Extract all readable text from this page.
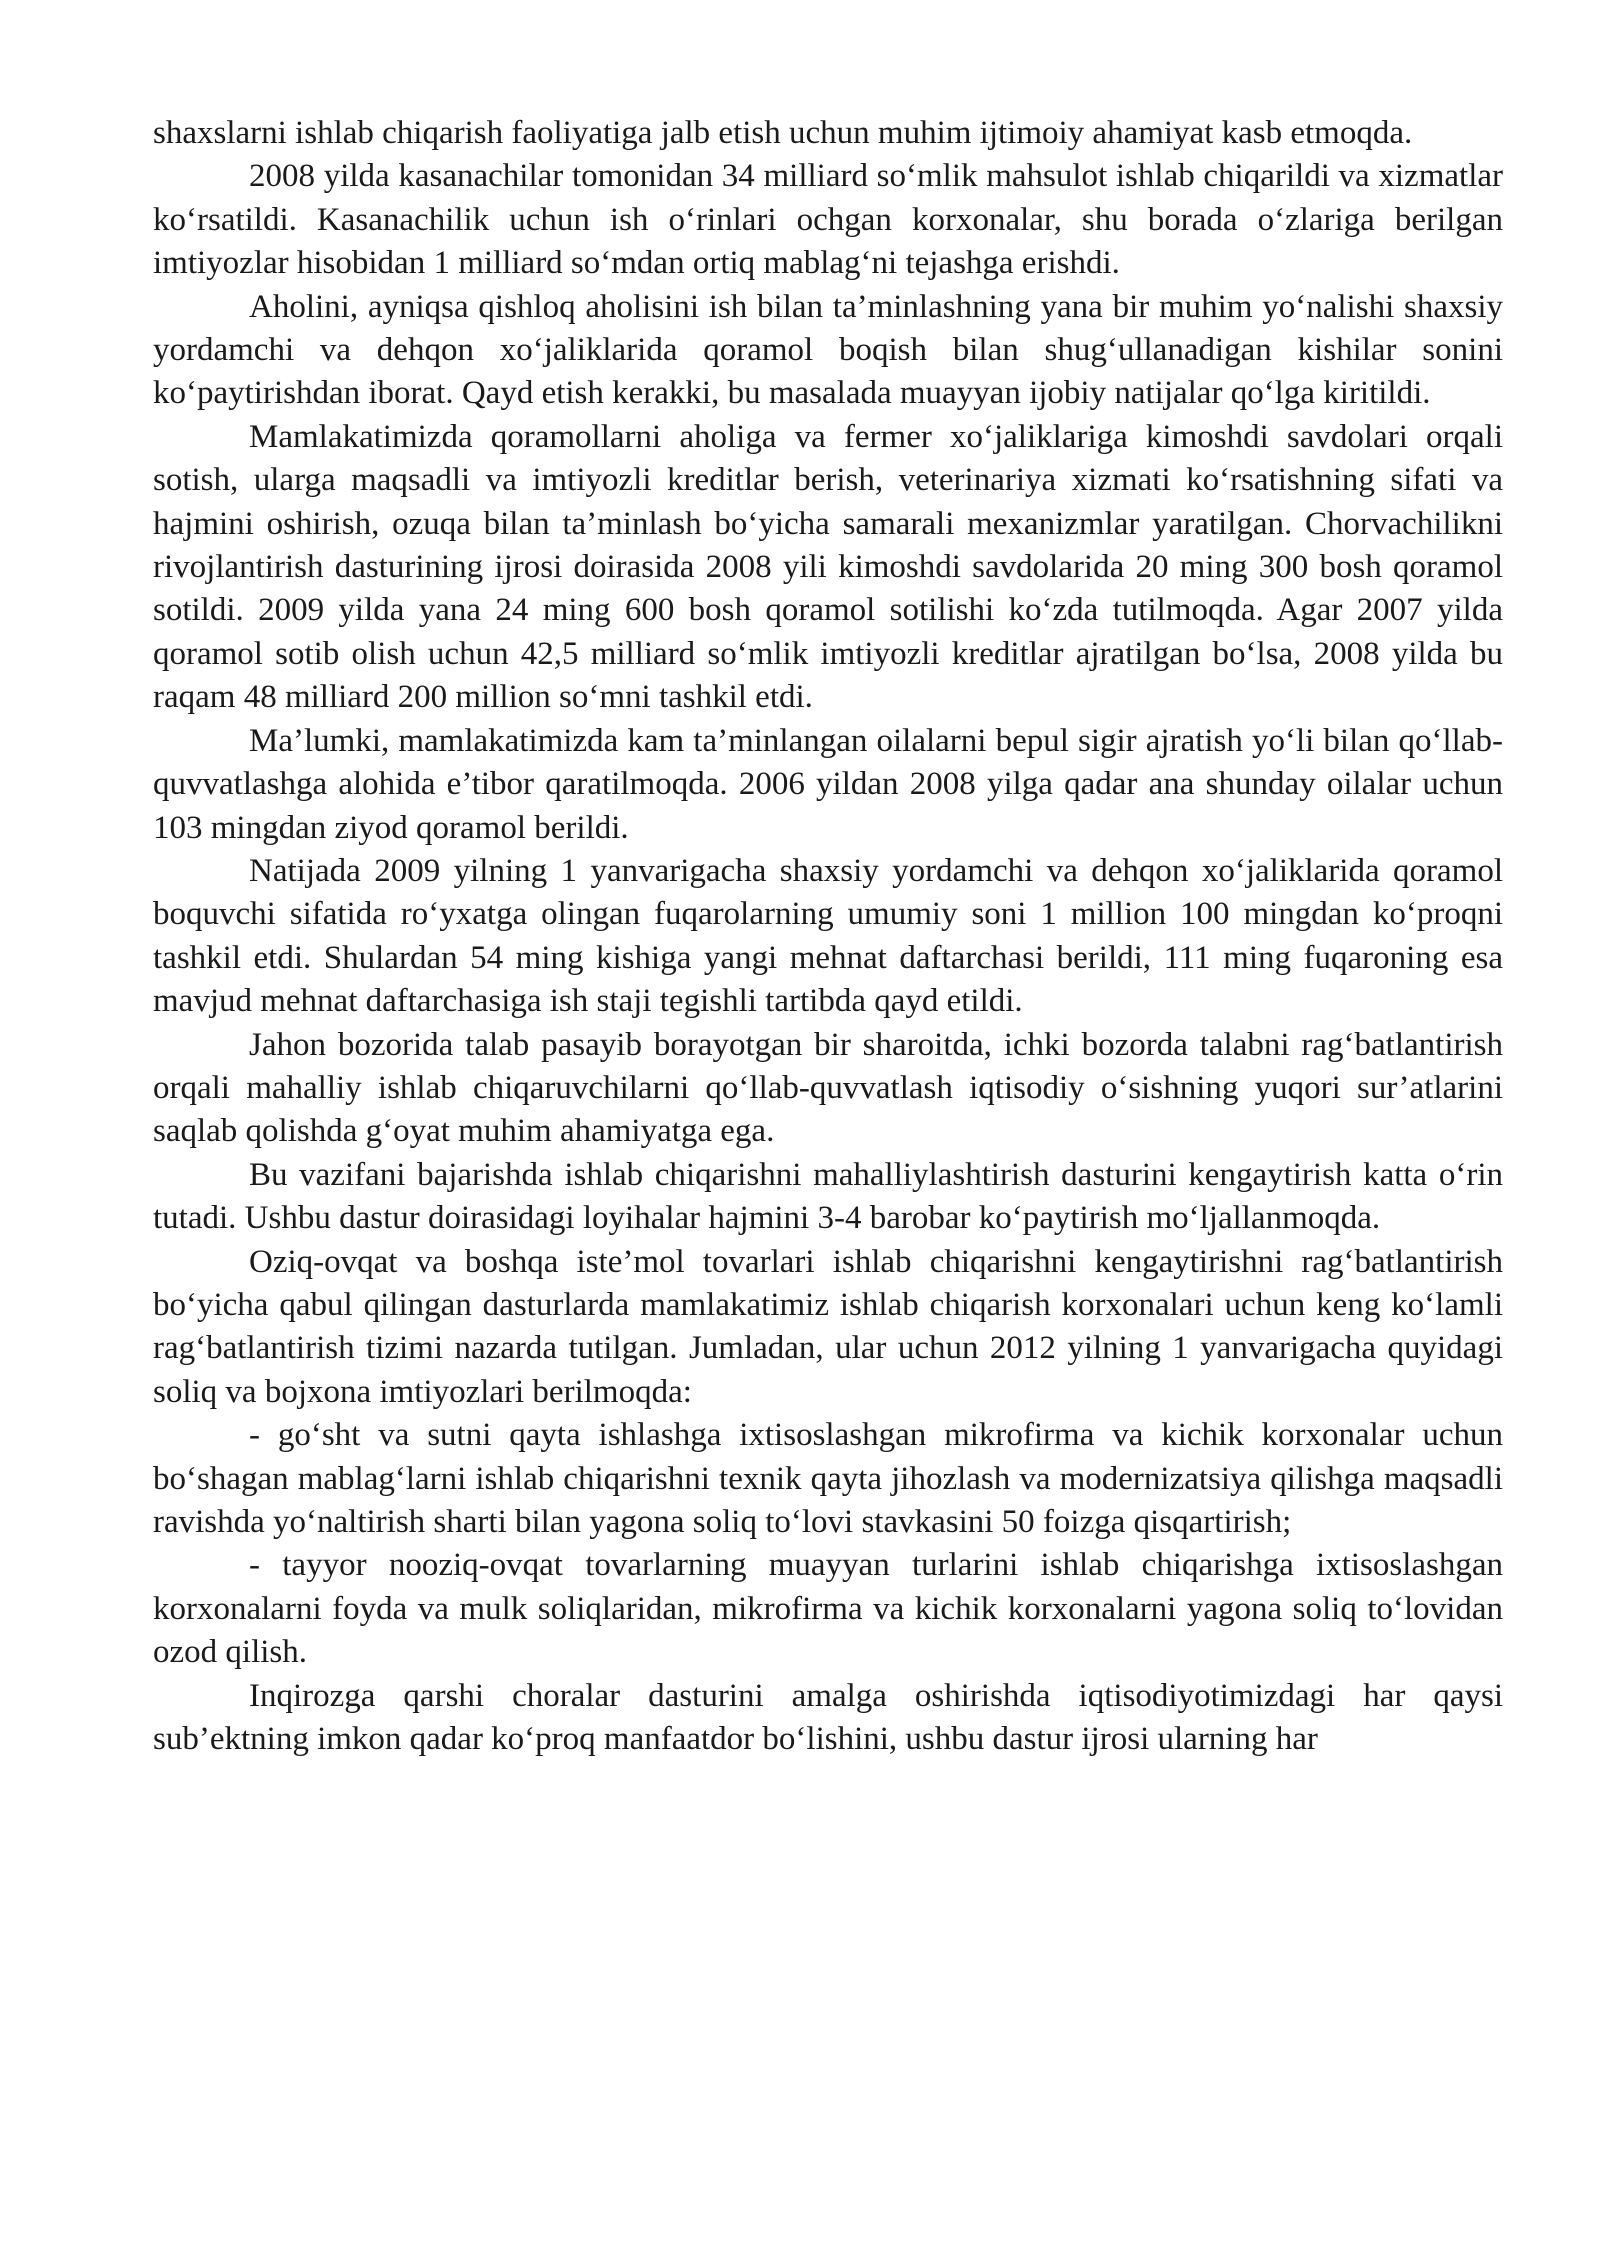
shaxslarni ishlab chiqarish faoliyatiga jalb etish uchun muhim ijtimoiy ahamiyat kasb etmoqda.

2008 yilda kasanachilar tomonidan 34 milliard so‘mlik mahsulot ishlab chiqarildi va xizmatlar ko‘rsatildi. Kasanachilik uchun ish o‘rinlari ochgan korxonalar, shu borada o‘zlariga berilgan imtiyozlar hisobidan 1 milliard so‘mdan ortiq mablag‘ni tejashga erishdi.

Aholini, ayniqsa qishloq aholisini ish bilan ta’minlashning yana bir muhim yo‘nalishi shaxsiy yordamchi va dehqon xo‘jaliklarida qoramol boqish bilan shug‘ullanadigan kishilar sonini ko‘paytirishdan iborat. Qayd etish kerakki, bu masalada muayyan ijobiy natijalar qo‘lga kiritildi.

Mamlakatimizda qoramollarni aholiga va fermer xo‘jaliklariga kimoshdi savdolari orqali sotish, ularga maqsadli va imtiyozli kreditlar berish, veterinariya xizmati ko‘rsatishning sifati va hajmini oshirish, ozuqa bilan ta’minlash bo‘yicha samarali mexanizmlar yaratilgan. Chorvachilikni rivojlantirish dasturining ijrosi doirasida 2008 yili kimoshdi savdolarida 20 ming 300 bosh qoramol sotildi. 2009 yilda yana 24 ming 600 bosh qoramol sotilishi ko‘zda tutilmoqda. Agar 2007 yilda qoramol sotib olish uchun 42,5 milliard so‘mlik imtiyozli kreditlar ajratilgan bo‘lsa, 2008 yilda bu raqam 48 milliard 200 million so‘mni tashkil etdi.

Ma’lumki, mamlakatimizda kam ta’minlangan oilalarni bepul sigir ajratish yo‘li bilan qo‘llab-quvvatlashga alohida e’tibor qaratilmoqda. 2006 yildan 2008 yilga qadar ana shunday oilalar uchun 103 mingdan ziyod qoramol berildi.

Natijada 2009 yilning 1 yanvarigacha shaxsiy yordamchi va dehqon xo‘jaliklarida qoramol boquvchi sifatida ro‘yxatga olingan fuqarolarning umumiy soni 1 million 100 mingdan ko‘proqni tashkil etdi. Shulardan 54 ming kishiga yangi mehnat daftarchasi berildi, 111 ming fuqaroning esa mavjud mehnat daftarchasiga ish staji tegishli tartibda qayd etildi.

Jahon bozorida talab pasayib borayotgan bir sharoitda, ichki bozorda talabni rag‘batlantirish orqali mahalliy ishlab chiqaruvchilarni qo‘llab-quvvatlash iqtisodiy o‘sishning yuqori sur’atlarini saqlab qolishda g‘oyat muhim ahamiyatga ega.

Bu vazifani bajarishda ishlab chiqarishni mahalliylashtirish dasturini kengaytirish katta o‘rin tutadi. Ushbu dastur doirasidagi loyihalar hajmini 3-4 barobar ko‘paytirish mo‘ljallanmoqda.

Oziq-ovqat va boshqa iste’mol tovarlari ishlab chiqarishni kengaytirishni rag‘batlantirish bo‘yicha qabul qilingan dasturlarda mamlakatimiz ishlab chiqarish korxonalari uchun keng ko‘lamli rag‘batlantirish tizimi nazarda tutilgan. Jumladan, ular uchun 2012 yilning 1 yanvarigacha quyidagi soliq va bojxona imtiyozlari berilmoqda:

- go‘sht va sutni qayta ishlashga ixtisoslashgan mikrofirma va kichik korxonalar uchun bo‘shagan mablag‘larni ishlab chiqarishni texnik qayta jihozlash va modernizatsiya qilishga maqsadli ravishda yo‘naltirish sharti bilan yagona soliq to‘lovi stavkasini 50 foizga qisqartirish;

- tayyor nooziq-ovqat tovarlarning muayyan turlarini ishlab chiqarishga ixtisoslashgan korxonalarni foyda va mulk soliqlaridan, mikrofirma va kichik korxonalarni yagona soliq to‘lovidan ozod qilish.

Inqirozga qarshi choralar dasturini amalga oshirishda iqtisodiyotimizdagi har qaysi sub’ektning imkon qadar ko‘proq manfaatdor bo‘lishini, ushbu dastur ijrosi ularning har
